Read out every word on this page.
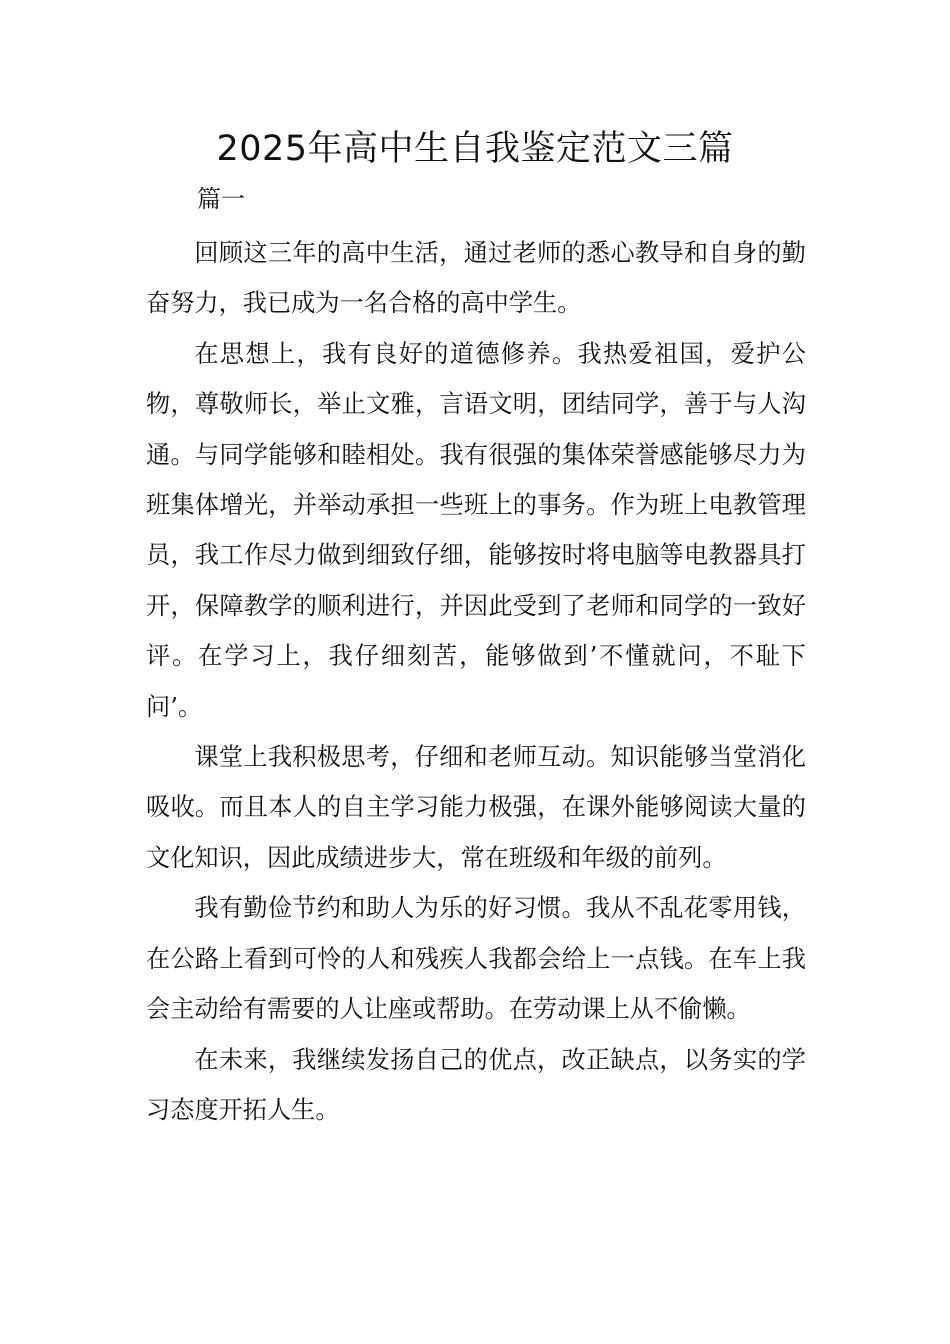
2025年高中生自我鉴定范文三篇
篇一

回顾这三年的高中生活，通过老师的悉心教导和自身的勤奋努力，我已成为一名合格的高中学生。

在思想上，我有良好的道德修养。我热爱祖国，爱护公物，尊敬师长，举止文雅，言语文明，团结同学，善于与人沟通。与同学能够和睦相处。我有很强的集体荣誉感能够尽力为班集体增光，并举动承担一些班上的事务。作为班上电教管理员，我工作尽力做到细致仔细，能够按时将电脑等电教器具打开，保障教学的顺利进行，并因此受到了老师和同学的一致好评。在学习上，我仔细刻苦，能够做到’不懂就问，不耻下问’。

课堂上我积极思考，仔细和老师互动。知识能够当堂消化吸收。而且本人的自主学习能力极强，在课外能够阅读大量的文化知识，因此成绩进步大，常在班级和年级的前列。

我有勤俭节约和助人为乐的好习惯。我从不乱花零用钱，在公路上看到可怜的人和残疾人我都会给上一点钱。在车上我会主动给有需要的人让座或帮助。在劳动课上从不偷懒。

在未来，我继续发扬自己的优点，改正缺点，以务实的学习态度开拓人生。
